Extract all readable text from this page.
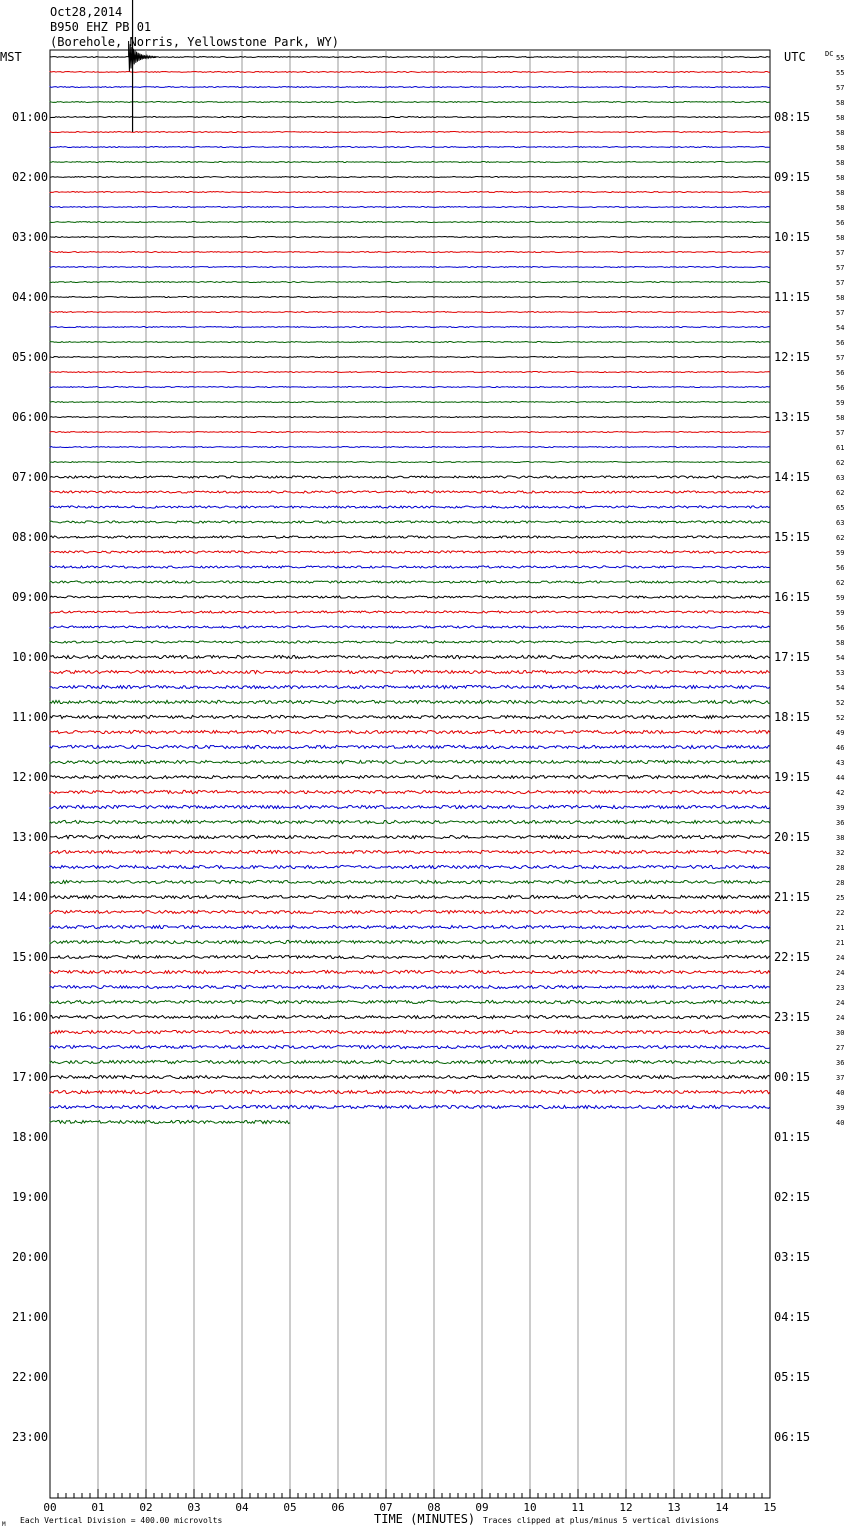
Oct28,2014
B950 EHZ PB 01
(Borehole, Norris, Yellowstone Park, WY)
MST	UTC	DC
00	01	02	03	04	05	06	07	08	09	10	11	12	13	14	15
01:00
02:00
03:00
04:00
05:00
06:00
07:00
08:00
09:00
10:00
11:00
12:00
13:00
14:00
15:00
16:00
17:00
18:00
19:00
20:00
21:00
22:00
23:00
08:15
09:15
10:15
11:15
12:15
13:15
14:15
15:15
16:15
17:15
18:15
19:15
20:15
21:15
22:15
23:15
00:15
01:15
02:15
03:15
04:15
05:15
06:15
55
55
57
58
58
58
58
58
58
58
58
56
58
57
57
57
58
57
54
56
57
56
56
59
58
57
61
62
63
62
65
63
62
59
56
62
59
59
56
58
54
53
54
52
52
49
46
43
44
42
39
36
38
32
28
28
25
22
21
21
24
24
23
24
24
30
27
36
37
40
39
40
TIME (MINUTES)
Each Vertical Division = 400.00 microvolts	Traces clipped at plus/minus 5 vertical divisions
M
